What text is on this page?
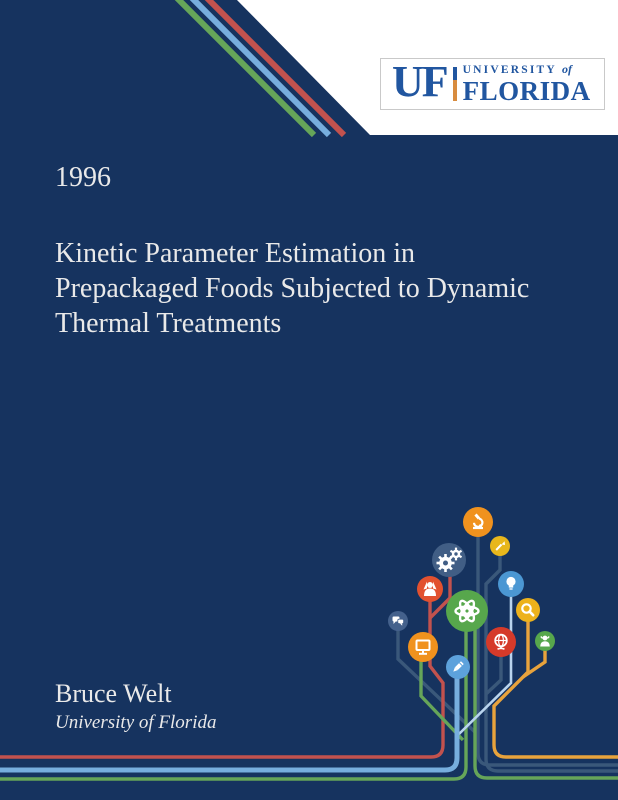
UF UNIVERSITY of
FLORIDA
1996
Kinetic Parameter Estimation in
Prepackaged Foods Subjected to Dynamic
Thermal Treatments
Bruce Welt
University of Florida
